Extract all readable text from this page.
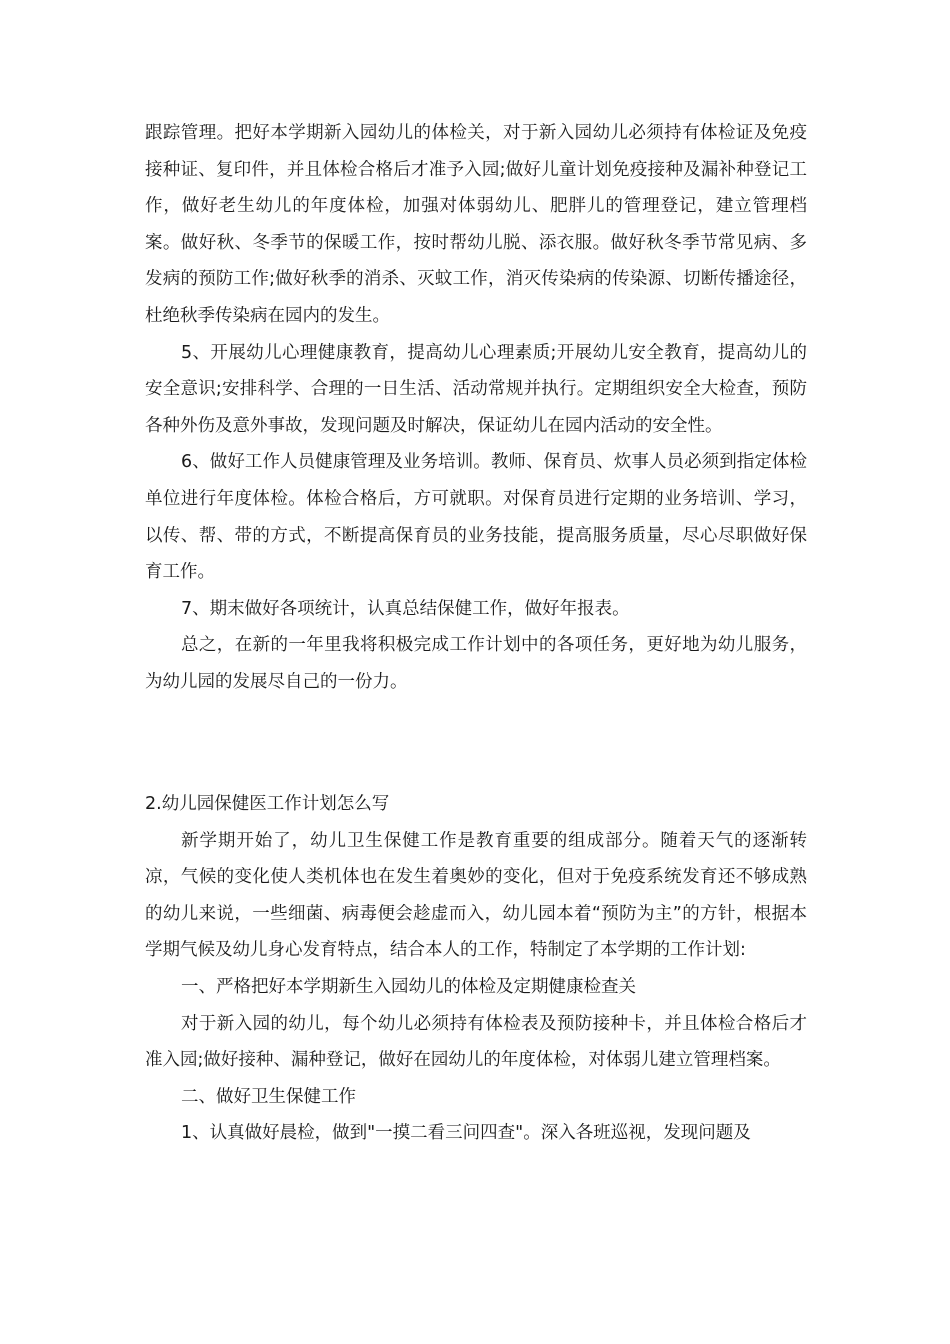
跟踪管理。把好本学期新入园幼儿的体检关，对于新入园幼儿必须持有体检证及免疫接种证、复印件，并且体检合格后才准予入园;做好儿童计划免疫接种及漏补种登记工作，做好老生幼儿的年度体检，加强对体弱幼儿、肥胖儿的管理登记，建立管理档案。做好秋、冬季节的保暖工作，按时帮幼儿脱、添衣服。做好秋冬季节常见病、多发病的预防工作;做好秋季的消杀、灭蚊工作，消灭传染病的传染源、切断传播途径，杜绝秋季传染病在园内的发生。

5、开展幼儿心理健康教育，提高幼儿心理素质;开展幼儿安全教育，提高幼儿的安全意识;安排科学、合理的一日生活、活动常规并执行。定期组织安全大检查，预防各种外伤及意外事故，发现问题及时解决，保证幼儿在园内活动的安全性。

6、做好工作人员健康管理及业务培训。教师、保育员、炊事人员必须到指定体检单位进行年度体检。体检合格后，方可就职。对保育员进行定期的业务培训、学习，以传、帮、带的方式，不断提高保育员的业务技能，提高服务质量，尽心尽职做好保育工作。

7、期末做好各项统计，认真总结保健工作，做好年报表。

总之，在新的一年里我将积极完成工作计划中的各项任务，更好地为幼儿服务，为幼儿园的发展尽自己的一份力。

2.幼儿园保健医工作计划怎么写

新学期开始了，幼儿卫生保健工作是教育重要的组成部分。随着天气的逐渐转凉，气候的变化使人类机体也在发生着奥妙的变化，但对于免疫系统发育还不够成熟的幼儿来说，一些细菌、病毒便会趁虚而入，幼儿园本着“预防为主”的方针，根据本学期气候及幼儿身心发育特点，结合本人的工作，特制定了本学期的工作计划:

一、严格把好本学期新生入园幼儿的体检及定期健康检查关

对于新入园的幼儿，每个幼儿必须持有体检表及预防接种卡，并且体检合格后才准入园;做好接种、漏种登记，做好在园幼儿的年度体检，对体弱儿建立管理档案。

二、做好卫生保健工作

1、认真做好晨检，做到"一摸二看三问四查"。深入各班巡视，发现问题及
